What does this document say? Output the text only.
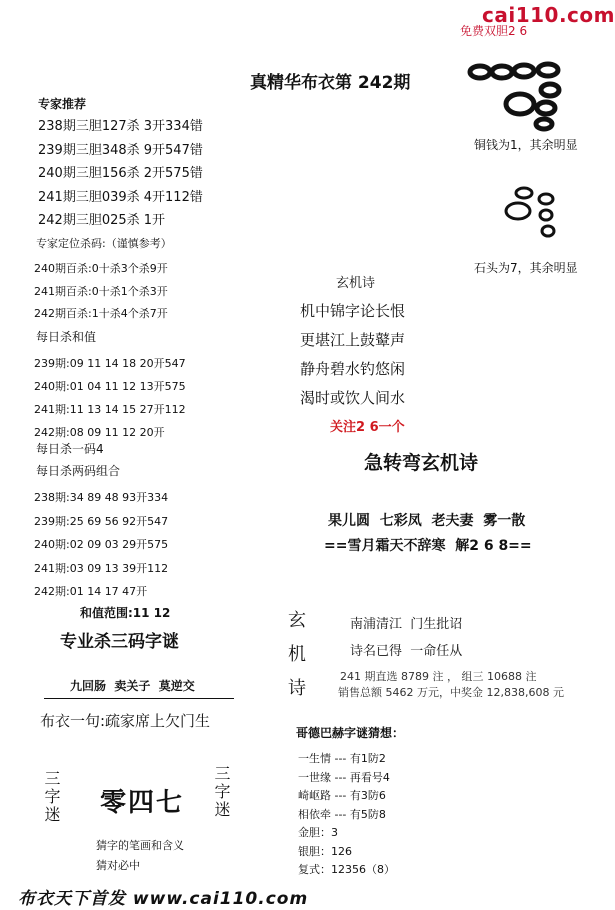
cai110.com
免费双胆2 6
真精华布衣第 242期
铜钱为1，其余明显
石头为7，其余明显
专家推荐
238期三胆127杀 3开334错
239期三胆348杀 9开547错
240期三胆156杀 2开575错
241期三胆039杀 4开112错
242期三胆025杀 1开
专家定位杀码:（谨慎参考）
240期百杀:0十杀3个杀9开
241期百杀:0十杀1个杀3开
242期百杀:1十杀4个杀7开
每日杀和值
239期:09 11 14 18 20开547
240期:01 04 11 12 13开575
241期:11 13 14 15 27开112
242期:08 09 11 12 20开
每日杀一码4
每日杀两码组合
238期:34 89 48 93开334
239期:25 69 56 92开547
240期:02 09 03 29开575
241期:03 09 13 39开112
242期:01 14 17 47开
和值范围:11 12
专业杀三码字谜
九回肠  卖关子  莫逆交
布衣一句:疏家席上欠门生
三字迷 零四七 三字迷
猜字的笔画和含义
猜对必中
玄机诗
机中锦字论长恨
更堪江上鼓鼙声
静舟碧水钓悠闲
渴时或饮人间水
关注2 6一个
急转弯玄机诗
果儿圆  七彩凤  老夫妻  雾一散
==雪月霜天不辞寒  解2 6 8==
玄
机
诗
南浦清江  门生批诏
诗名已得  一命任从
241 期直选 8789 注 ， 组三 10688 注
销售总额 5462 万元，中奖金 12,838,608 元
哥德巴赫字谜猜想：
一生情 --- 有1防2
一世缘 --- 再看号4
崎岖路 --- 有3防6
相依牵 --- 有5防8
金胆：3
银胆：126
复式：12356（8）
布衣天下首发 www.cai110.com
